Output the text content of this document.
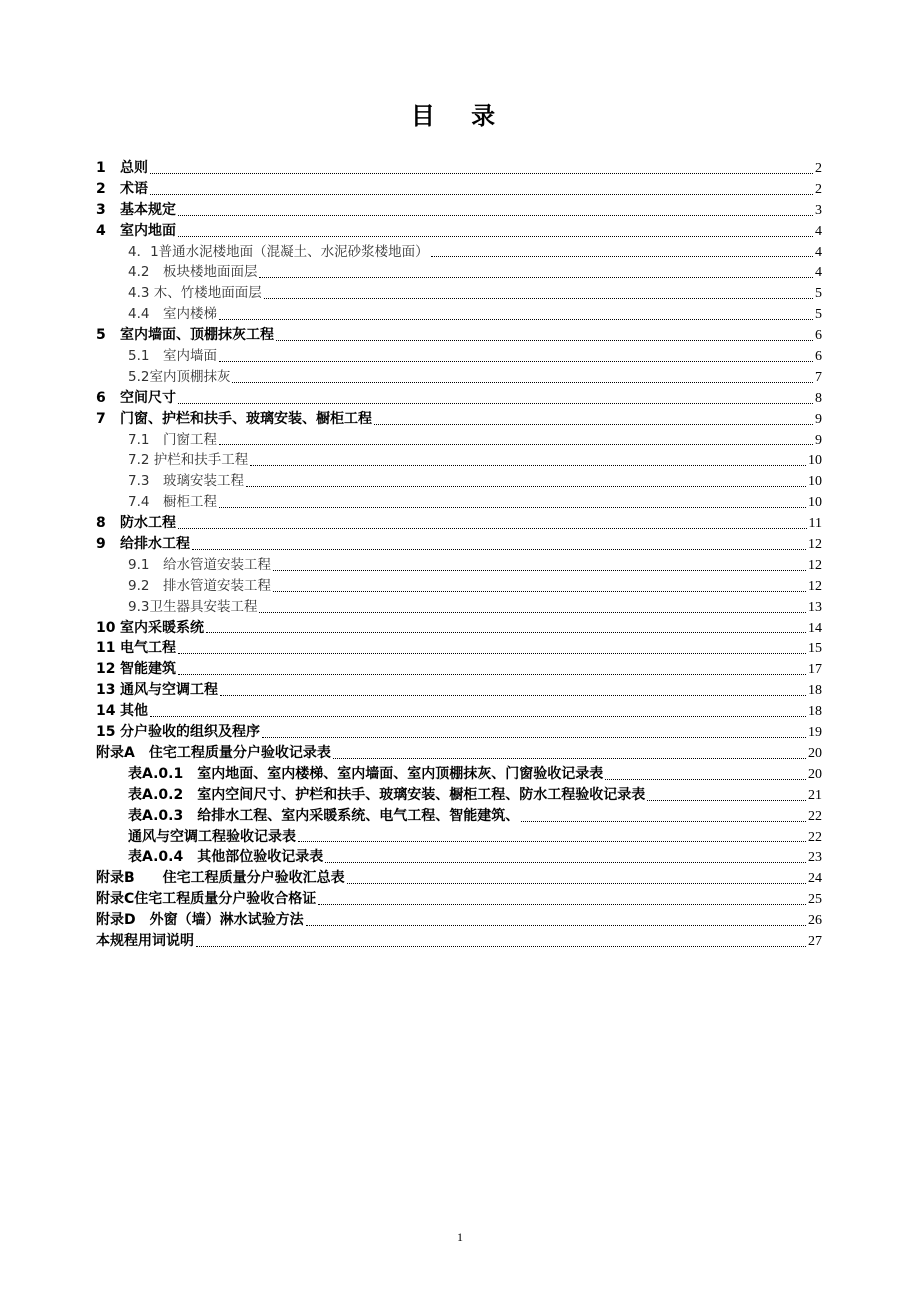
目 录
1 总则	2
2 术语	2
3 基本规定	3
4 室内地面	4
4．1普通水泥楼地面（混凝土、水泥砂浆楼地面）	4
4.2　板块楼地面面层	4
4.3 木、竹楼地面面层	5
4.4　室内楼梯	5
5 室内墙面、顶棚抹灰工程	6
5.1　室内墙面	6
5.2室内顶棚抹灰	7
6 空间尺寸	8
7 门窗、护栏和扶手、玻璃安装、橱柜工程	9
7.1　门窗工程	9
7.2 护栏和扶手工程	10
7.3　玻璃安装工程	10
7.4　橱柜工程	10
8 防水工程	11
9 给排水工程	12
9.1　给水管道安装工程	12
9.2　排水管道安装工程	12
9.3卫生器具安装工程	13
10 室内采暖系统	14
11 电气工程	15
12 智能建筑	17
13 通风与空调工程	18
14 其他	18
15 分户验收的组织及程序	19
附录A　住宅工程质量分户验收记录表	20
表A.0.1　室内地面、室内楼梯、室内墙面、室内顶棚抹灰、门窗验收记录表	20
表A.0.2　室内空间尺寸、护栏和扶手、玻璃安装、橱柜工程、防水工程验收记录表	21
表A.0.3　给排水工程、室内采暖系统、电气工程、智能建筑、	22
通风与空调工程验收记录表	22
表A.0.4　其他部位验收记录表	23
附录B　　住宅工程质量分户验收汇总表	24
附录C住宅工程质量分户验收合格证	25
附录D　外窗（墙）淋水试验方法	26
本规程用词说明	27
1
